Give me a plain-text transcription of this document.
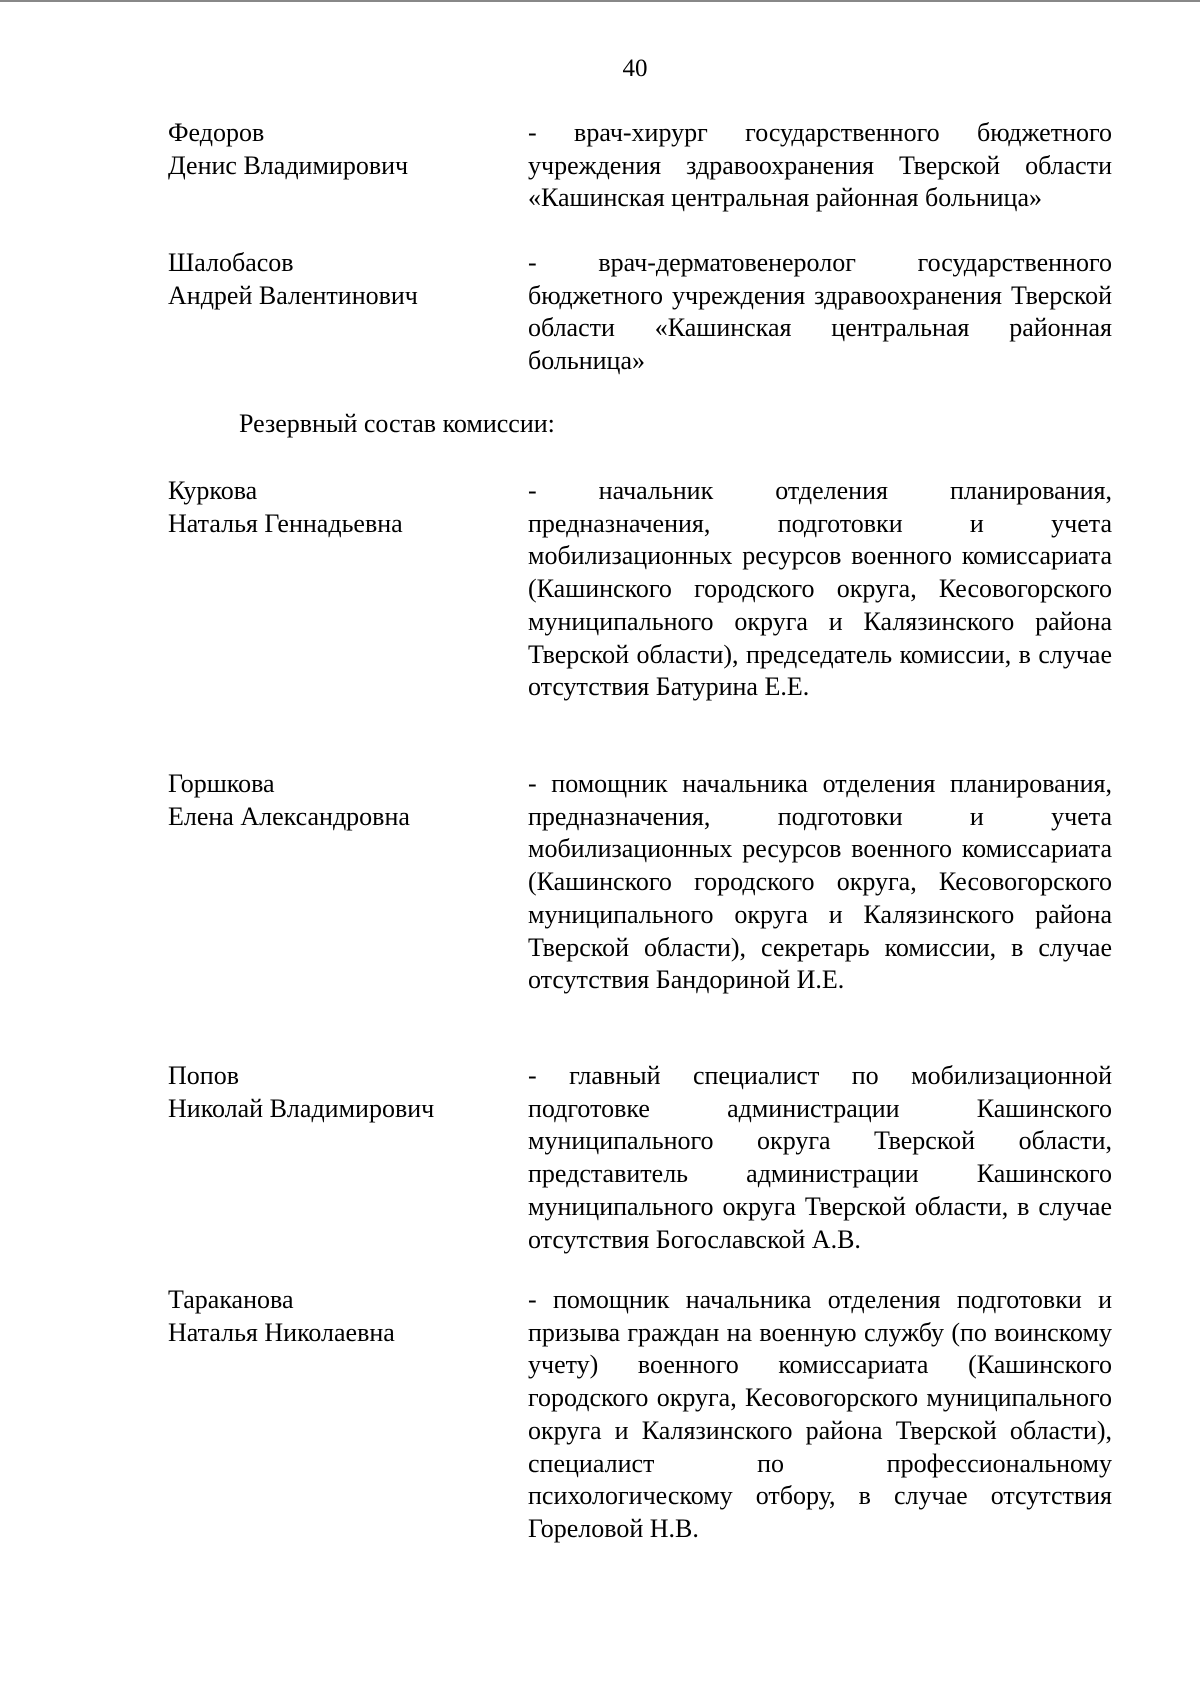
40
Федоров
Денис Владимирович
- врач-хирург государственного бюджетного учреждения здравоохранения Тверской области «Кашинская центральная районная больница»
Шалобасов
Андрей Валентинович
- врач-дерматовенеролог государственного бюджетного учреждения здравоохранения Тверской области «Кашинская центральная районная больница»
Резервный состав комиссии:
Куркова
Наталья Геннадьевна
- начальник отделения планирования, предназначения, подготовки и учета мобилизационных ресурсов военного комиссариата (Кашинского городского округа, Кесовогорского муниципального округа и Калязинского района Тверской области), председатель комиссии, в случае отсутствия Батурина Е.Е.
Горшкова
Елена Александровна
- помощник начальника отделения планирования, предназначения, подготовки и учета мобилизационных ресурсов военного комиссариата (Кашинского городского округа, Кесовогорского муниципального округа и Калязинского района Тверской области), секретарь комиссии, в случае отсутствия Бандориной И.Е.
Попов
Николай Владимирович
- главный специалист по мобилизационной подготовке администрации Кашинского муниципального округа Тверской области, представитель администрации Кашинского муниципального округа Тверской области, в случае отсутствия Богославской А.В.
Тараканова
Наталья Николаевна
- помощник начальника отделения подготовки и призыва граждан на военную службу (по воинскому учету) военного комиссариата (Кашинского городского округа, Кесовогорского муниципального округа и Калязинского района Тверской области), специалист по профессиональному психологическому отбору, в случае отсутствия Гореловой Н.В.
